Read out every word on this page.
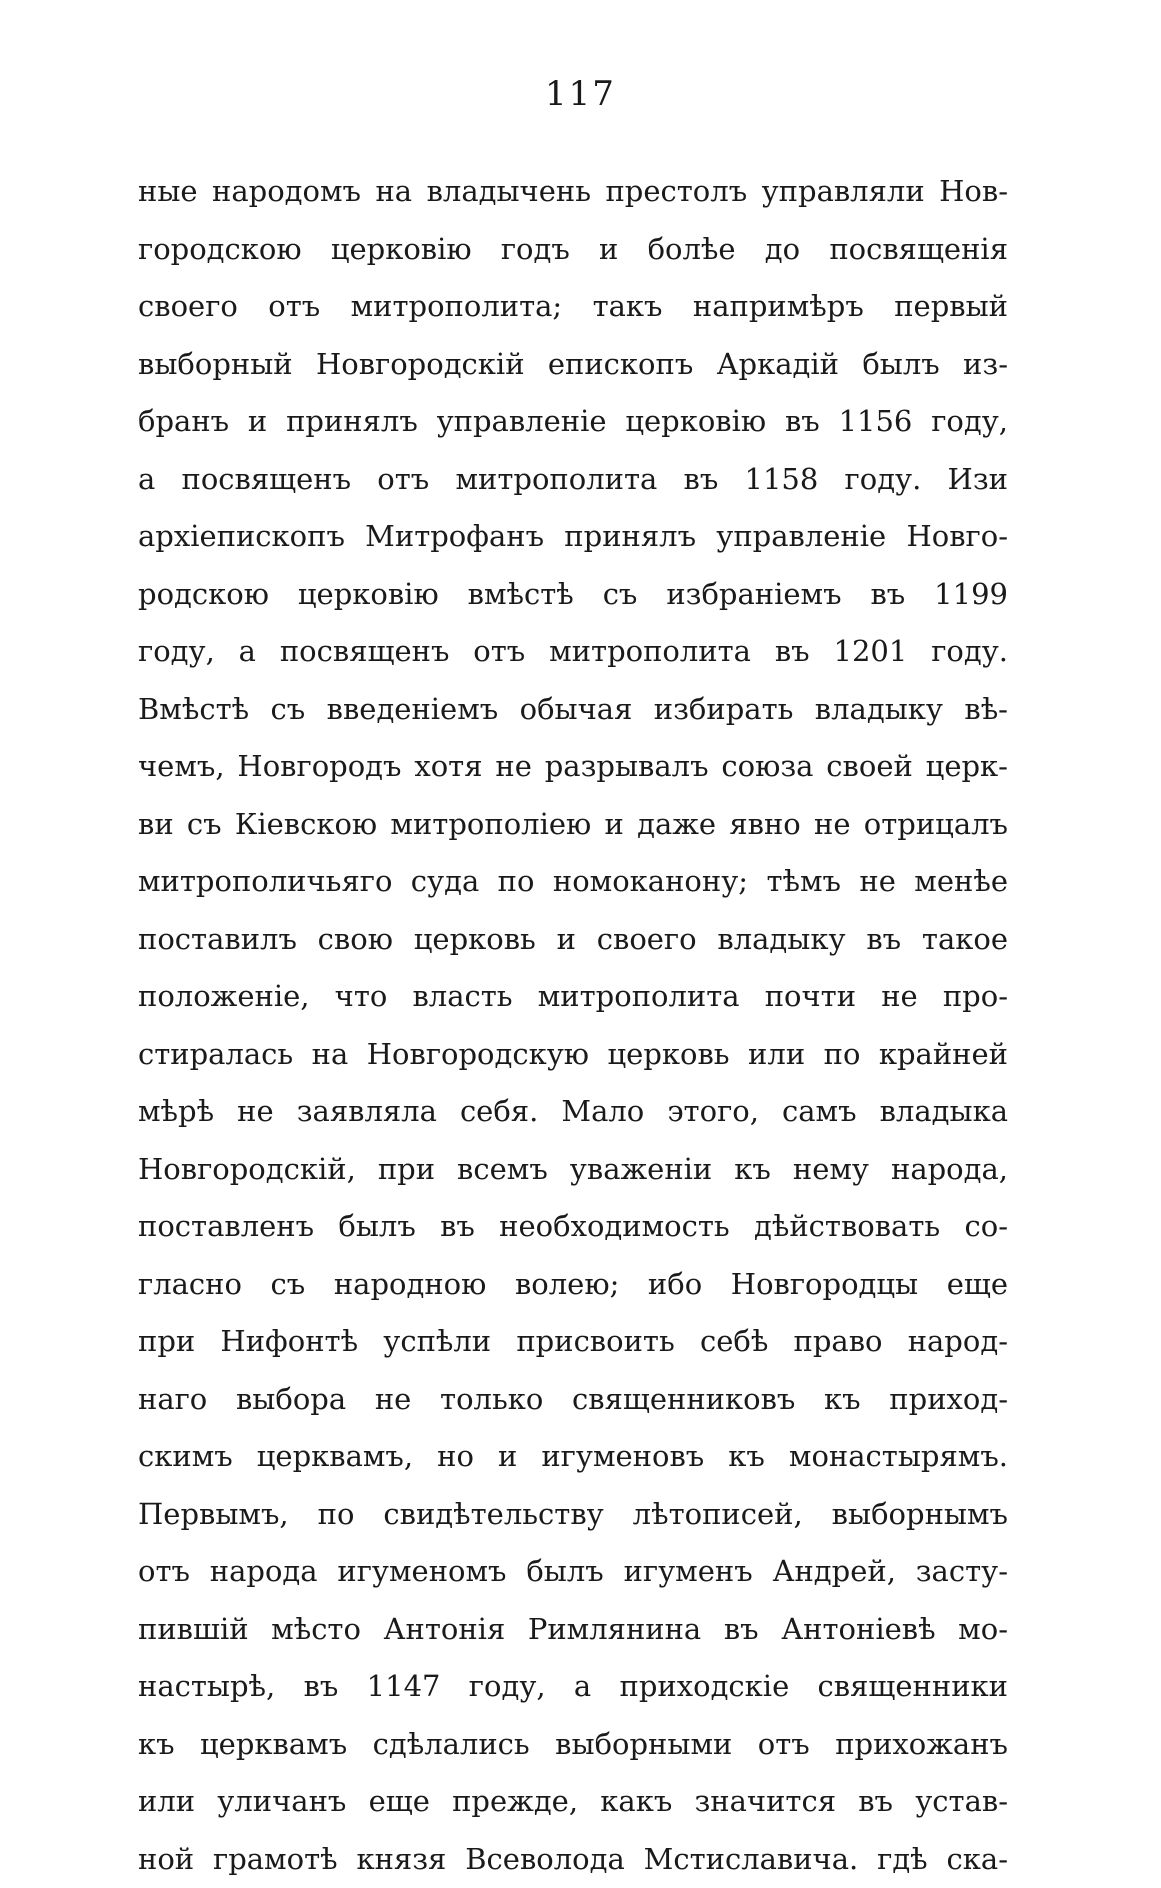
117
ные народомъ на владычень престолъ управляли Нов-
городскою церковію годъ и болѣе до посвященія
своего отъ митрополита; такъ напримѣръ первый
выборный Новгородскій епископъ Аркадій былъ из-
бранъ и принялъ управленіе церковію въ 1156 году,
а посвященъ отъ митрополита въ 1158 году. Изи
архіепископъ Митрофанъ принялъ управленіе Новго-
родскою церковію вмѣстѣ съ избраніемъ въ 1199
году, а посвященъ отъ митрополита въ 1201 году.
Вмѣстѣ съ введеніемъ обычая избирать владыку вѣ-
чемъ, Новгородъ хотя не разрывалъ союза своей церк-
ви съ Кіевскою митрополіею и даже явно не отрицалъ
митрополичьяго суда по номоканону; тѣмъ не менѣе
поставилъ свою церковь и своего владыку въ такое
положеніе, что власть митрополита почти не про-
стиралась на Новгородскую церковь или по крайней
мѣрѣ не заявляла себя. Мало этого, самъ владыка
Новгородскій, при всемъ уваженіи къ нему народа,
поставленъ былъ въ необходимость дѣйствовать со-
гласно съ народною волею; ибо Новгородцы еще
при Нифонтѣ успѣли присвоить себѣ право народ-
наго выбора не только священниковъ къ приход-
скимъ церквамъ, но и игуменовъ къ монастырямъ.
Первымъ, по свидѣтельству лѣтописей, выборнымъ
отъ народа игуменомъ былъ игуменъ Андрей, засту-
пившій мѣсто Антонія Римлянина въ Антоніевѣ мо-
настырѣ, въ 1147 году, а приходскіе священники
къ церквамъ сдѣлались выборными отъ прихожанъ
или уличанъ еще прежде, какъ значится въ устав-
ной грамотѣ князя Всеволода Мстиславича. гдѣ ска-
